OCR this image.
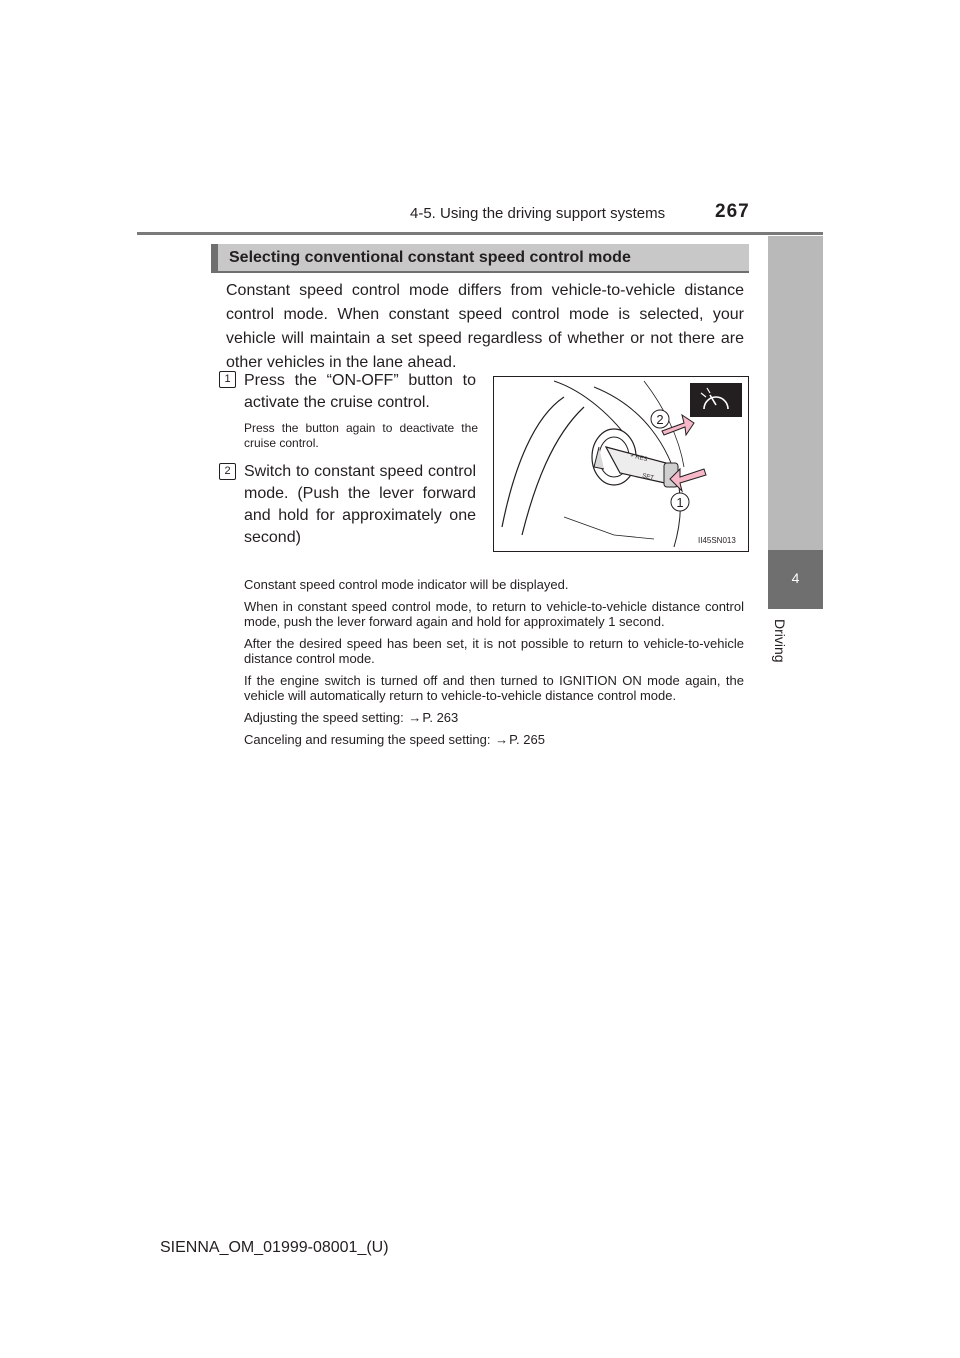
4-5. Using the driving support systems	267
4
Driving
Selecting conventional constant speed control mode
Constant speed control mode differs from vehicle-to-vehicle distance control mode. When constant speed control mode is selected, your vehicle will maintain a set speed regardless of whether or not there are other vehicles in the lane ahead.
1 Press the “ON-OFF” button to activate the cruise control.
Press the button again to deactivate the cruise control.
2 Switch to constant speed control mode. (Push the lever forward and hold for approximately one second)
+ RES
SET
2
1
II45SN013

Constant speed control mode indicator will be displayed.

When in constant speed control mode, to return to vehicle-to-vehicle distance control mode, push the lever forward again and hold for approximately 1 second.

After the desired speed has been set, it is not possible to return to vehicle-to-vehicle distance control mode.

If the engine switch is turned off and then turned to IGNITION ON mode again, the vehicle will automatically return to vehicle-to-vehicle distance control mode.

Adjusting the speed setting: →P. 263

Canceling and resuming the speed setting: →P. 265

SIENNA_OM_01999-08001_(U)
